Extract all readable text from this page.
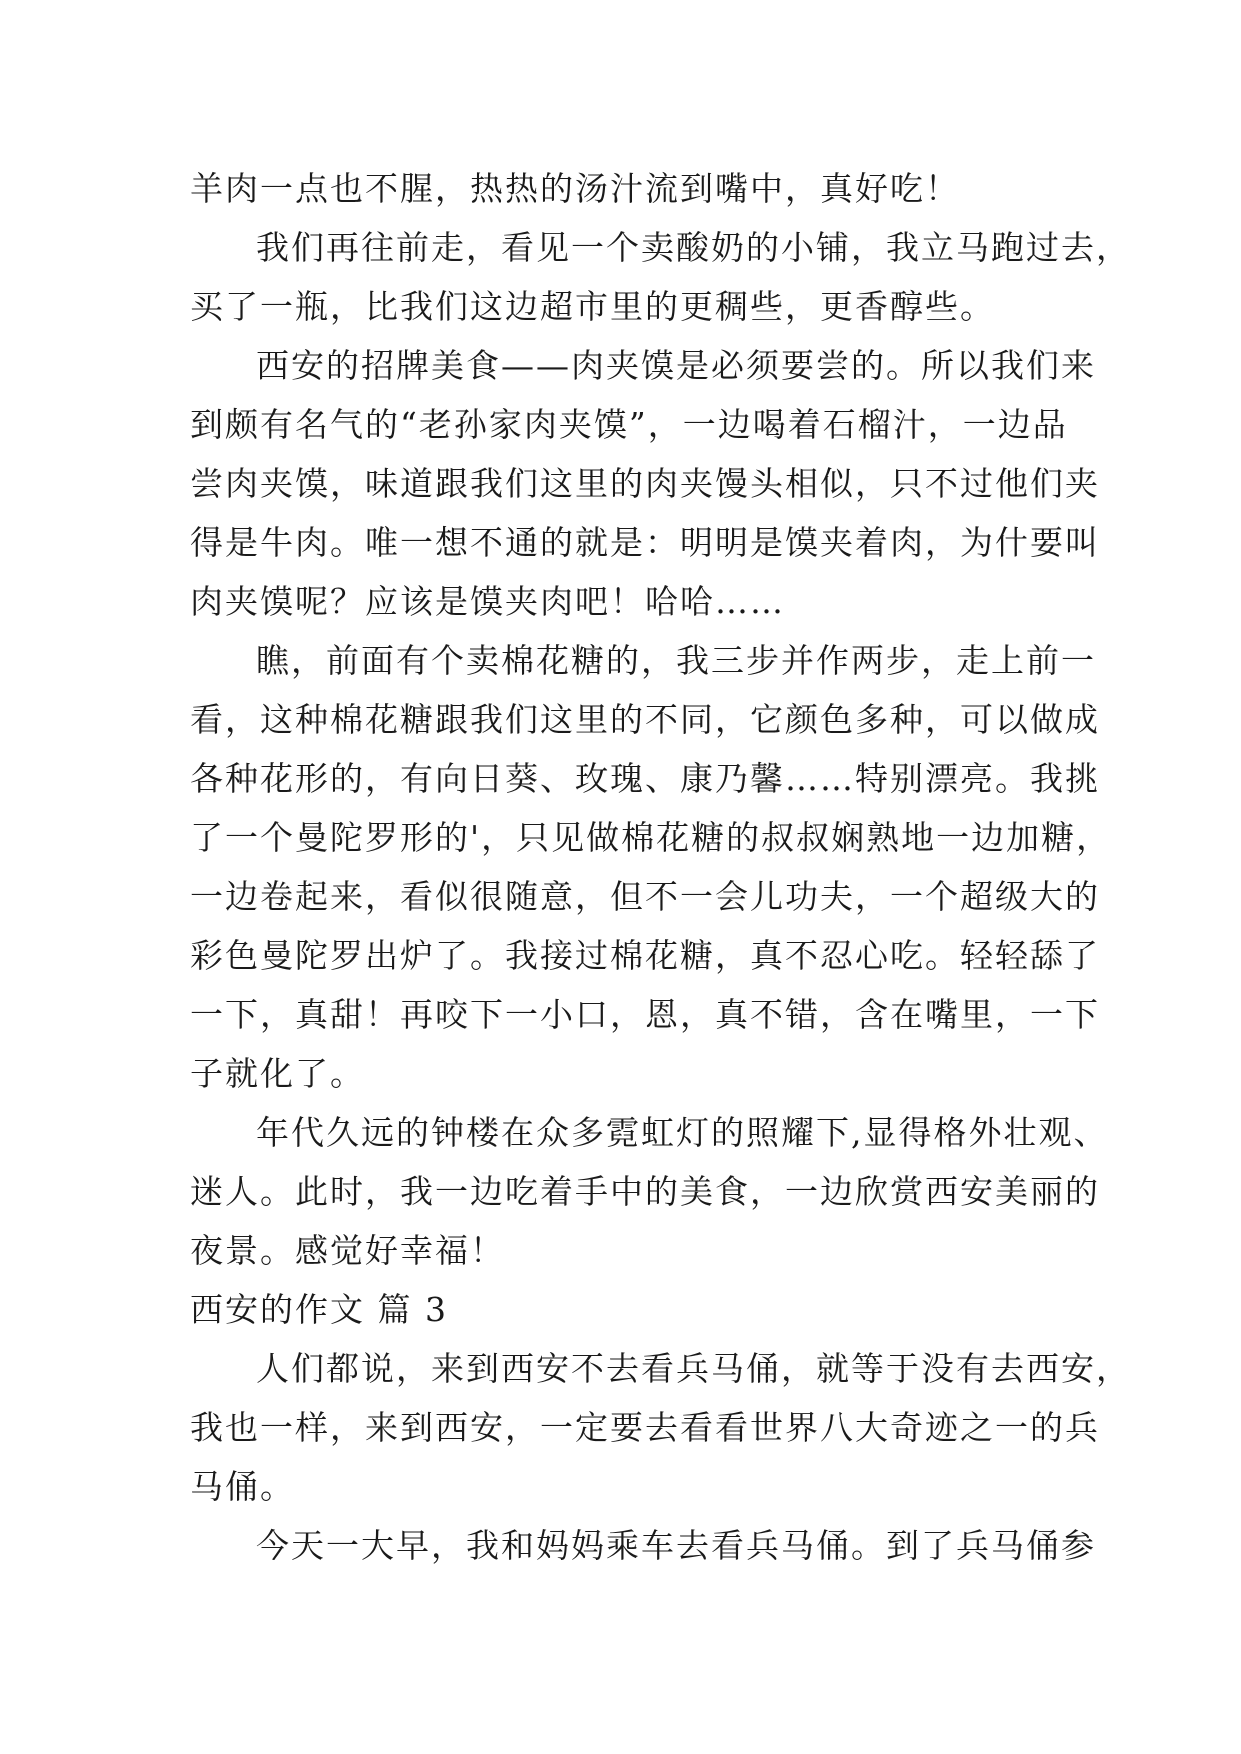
羊肉一点也不腥，热热的汤汁流到嘴中，真好吃！
我们再往前走，看见一个卖酸奶的小铺，我立马跑过去，
买了一瓶，比我们这边超市里的更稠些，更香醇些。
西安的招牌美食——肉夹馍是必须要尝的。所以我们来
到颇有名气的“老孙家肉夹馍”，一边喝着石榴汁，一边品
尝肉夹馍，味道跟我们这里的肉夹馒头相似，只不过他们夹
得是牛肉。唯一想不通的就是：明明是馍夹着肉，为什要叫
肉夹馍呢？应该是馍夹肉吧！哈哈……
瞧，前面有个卖棉花糖的，我三步并作两步，走上前一
看，这种棉花糖跟我们这里的不同，它颜色多种，可以做成
各种花形的，有向日葵、玫瑰、康乃馨……特别漂亮。我挑
了一个曼陀罗形的'，只见做棉花糖的叔叔娴熟地一边加糖，
一边卷起来，看似很随意，但不一会儿功夫，一个超级大的
彩色曼陀罗出炉了。我接过棉花糖，真不忍心吃。轻轻舔了
一下，真甜！再咬下一小口，恩，真不错，含在嘴里，一下
子就化了。
年代久远的钟楼在众多霓虹灯的照耀下,显得格外壮观、
迷人。此时，我一边吃着手中的美食，一边欣赏西安美丽的
夜景。感觉好幸福！
西安的作文 篇 3
人们都说，来到西安不去看兵马俑，就等于没有去西安，
我也一样，来到西安，一定要去看看世界八大奇迹之一的兵
马俑。
今天一大早，我和妈妈乘车去看兵马俑。到了兵马俑参
